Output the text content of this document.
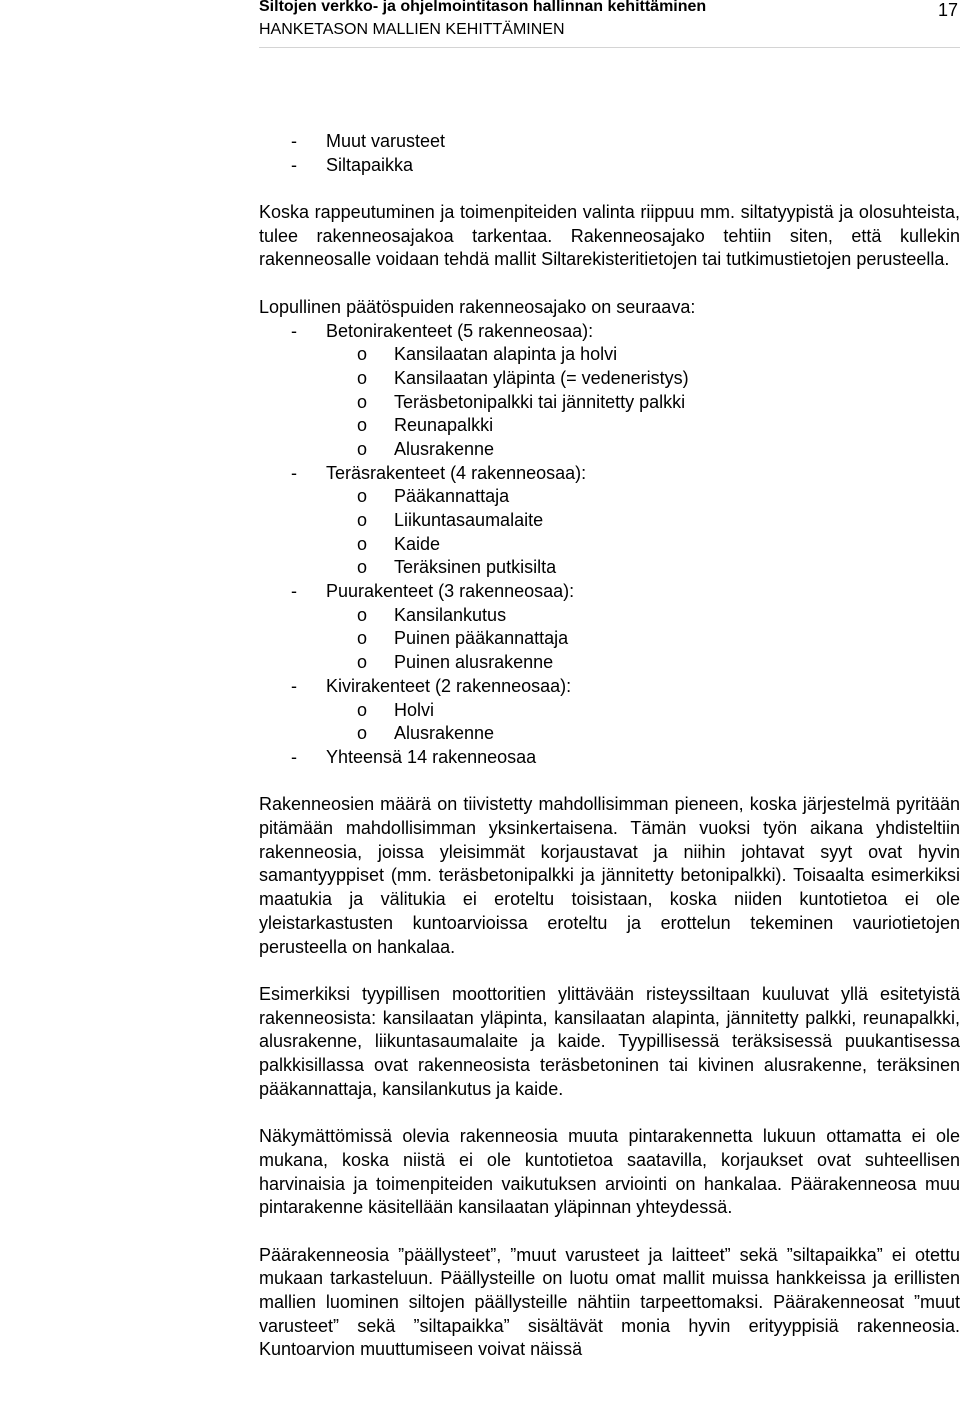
Siltojen verkko- ja ohjelmointitason hallinnan kehittäminen
HANKETASON MALLIEN KEHITTÄMINEN
17
-	Muut varusteet
-	Siltapaikka
Koska rappeutuminen ja toimenpiteiden valinta riippuu mm. siltatyypistä ja olosuhteista, tulee rakenneosajakoa tarkentaa. Rakenneosajako tehtiin siten, että kullekin rakenneosalle voidaan tehdä mallit Siltarekisteritietojen tai tutkimustietojen perusteella.
Lopullinen päätöspuiden rakenneosajako on seuraava:
-	Betonirakenteet (5 rakenneosaa):
o	Kansilaatan alapinta ja holvi
o	Kansilaatan yläpinta (= vedeneristys)
o	Teräsbetonipalkki tai jännitetty palkki
o	Reunapalkki
o	Alusrakenne
-	Teräsrakenteet (4 rakenneosaa):
o	Pääkannattaja
o	Liikuntasaumalaite
o	Kaide
o	Teräksinen putkisilta
-	Puurakenteet (3 rakenneosaa):
o	Kansilankutus
o	Puinen pääkannattaja
o	Puinen alusrakenne
-	Kivirakenteet (2 rakenneosaa):
o	Holvi
o	Alusrakenne
-	Yhteensä 14 rakenneosaa
Rakenneosien määrä on tiivistetty mahdollisimman pieneen, koska järjestelmä pyritään pitämään mahdollisimman yksinkertaisena. Tämän vuoksi työn aikana yhdisteltiin rakenneosia, joissa yleisimmät korjaustavat ja niihin johtavat syyt ovat hyvin samantyyppiset (mm. teräsbetonipalkki ja jännitetty betonipalkki). Toisaalta esimerkiksi maatukia ja välitukia ei eroteltu toisistaan, koska niiden kuntotietoa ei ole yleistarkastusten kuntoarvioissa eroteltu ja erottelun tekeminen vauriotietojen perusteella on hankalaa.
Esimerkiksi tyypillisen moottoritien ylittävään risteyssiltaan kuuluvat yllä esitetyistä rakenneosista: kansilaatan yläpinta, kansilaatan alapinta, jännitetty palkki, reunapalkki, alusrakenne, liikuntasaumalaite ja kaide. Tyypillisessä teräksisessä puukantisessa palkkisillassa ovat rakenneosista teräsbetoninen tai kivinen alusrakenne, teräksinen pääkannattaja, kansilankutus ja kaide.
Näkymättömissä olevia rakenneosia muuta pintarakennetta lukuun ottamatta ei ole mukana, koska niistä ei ole kuntotietoa saatavilla, korjaukset ovat suhteellisen harvinaisia ja toimenpiteiden vaikutuksen arviointi on hankalaa. Päärakenneosa muu pintarakenne käsitellään kansilaatan yläpinnan yhteydessä.
Päärakenneosia ”päällysteet”, ”muut varusteet ja laitteet” sekä ”siltapaikka” ei otettu mukaan tarkasteluun. Päällysteille on luotu omat mallit muissa hankkeissa ja erillisten mallien luominen siltojen päällysteille nähtiin tarpeettomaksi. Päärakenneosat ”muut varusteet” sekä ”siltapaikka” sisältävät monia hyvin erityyppisiä rakenneosia. Kuntoarvion muuttumiseen voivat näissä
